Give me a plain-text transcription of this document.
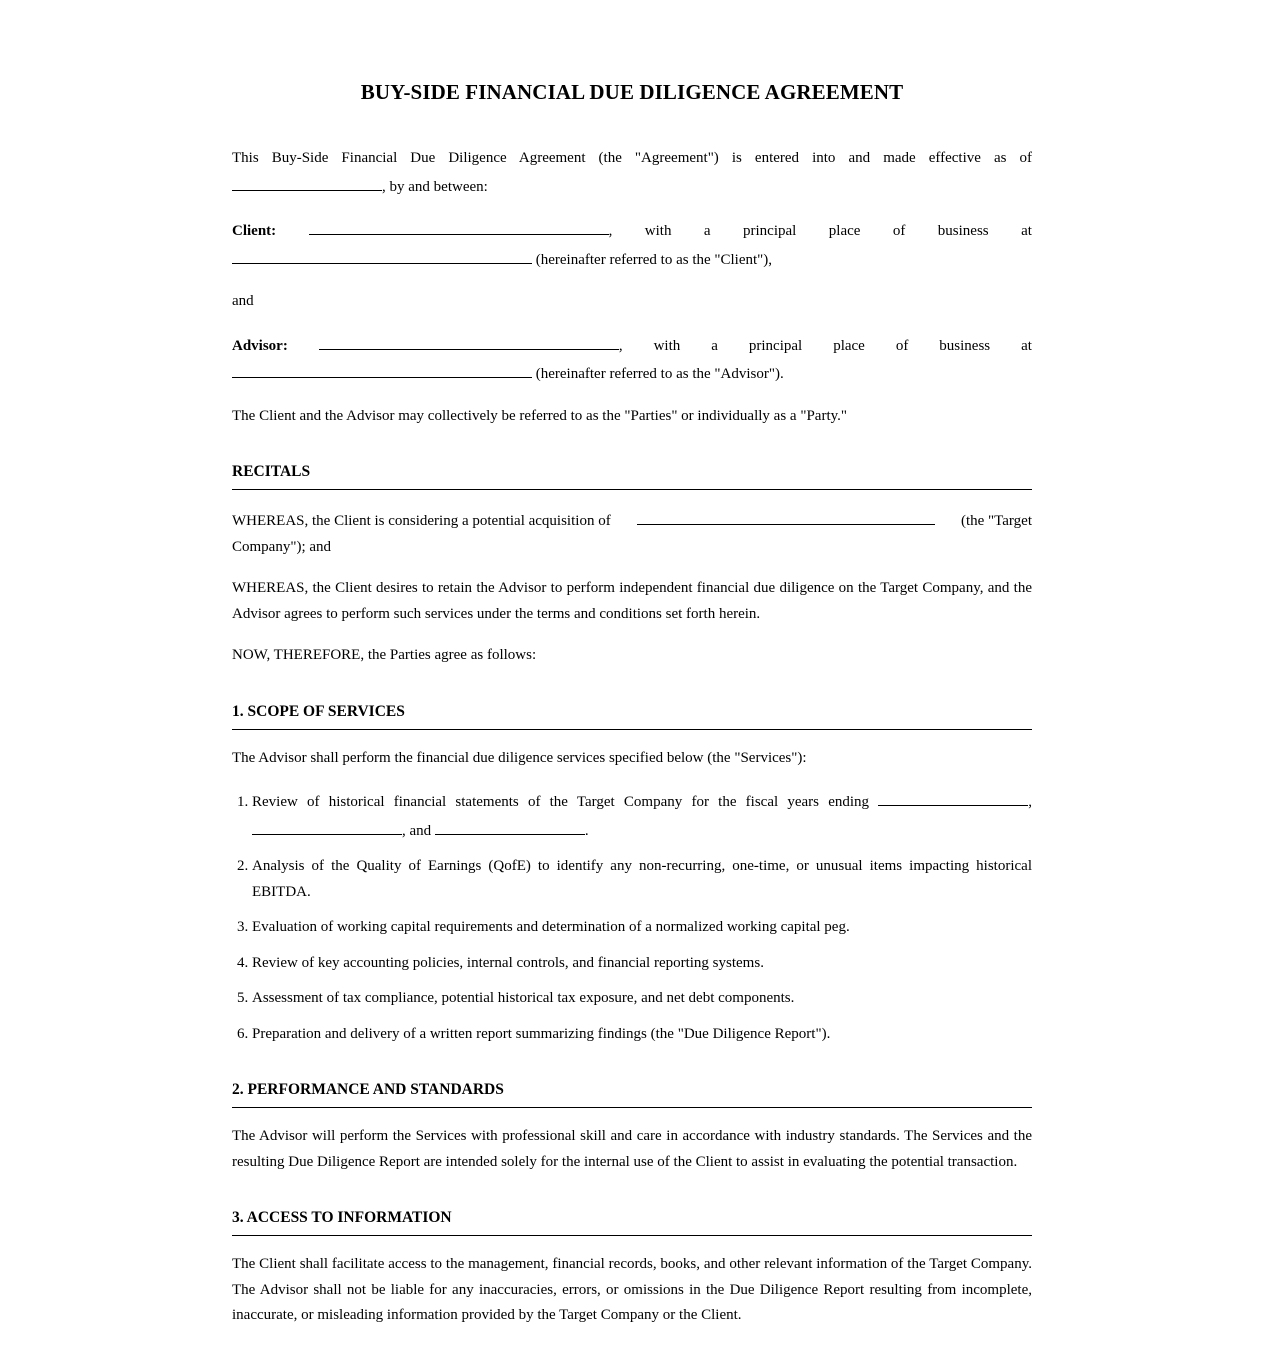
BUY-SIDE FINANCIAL DUE DILIGENCE AGREEMENT

This Buy-Side Financial Due Diligence Agreement (the "Agreement") is entered into and made effective as of , by and between:

Client:	, with a principal place of business at
(hereinafter referred to as the "Client"),

and

Advisor:	, with a principal place of business at
(hereinafter referred to as the "Advisor").

The Client and the Advisor may collectively be referred to as the "Parties" or individually as a "Party."

RECITALS
WHEREAS, the Client is considering a potential acquisition of	(the "Target
Company"); and

WHEREAS, the Client desires to retain the Advisor to perform independent financial due diligence on the Target Company, and the Advisor agrees to perform such services under the terms and conditions set forth herein.

NOW, THEREFORE, the Parties agree as follows:

1. SCOPE OF SERVICES

The Advisor shall perform the financial due diligence services specified below (the "Services"):

1. Review of historical financial statements of the Target Company for the fiscal years ending	, , and	.
2. Analysis of the Quality of Earnings (QofE) to identify any non-recurring, one-time, or unusual items impacting historical EBITDA.
3. Evaluation of working capital requirements and determination of a normalized working capital peg.
4. Review of key accounting policies, internal controls, and financial reporting systems.
5. Assessment of tax compliance, potential historical tax exposure, and net debt components.
6. Preparation and delivery of a written report summarizing findings (the "Due Diligence Report").
2. PERFORMANCE AND STANDARDS

The Advisor will perform the Services with professional skill and care in accordance with industry standards. The Services and the resulting Due Diligence Report are intended solely for the internal use of the Client to assist in evaluating the potential transaction.

3. ACCESS TO INFORMATION

The Client shall facilitate access to the management, financial records, books, and other relevant information of the Target Company. The Advisor shall not be liable for any inaccuracies, errors, or omissions in the Due Diligence Report resulting from incomplete, inaccurate, or misleading information provided by the Target Company or the Client.
